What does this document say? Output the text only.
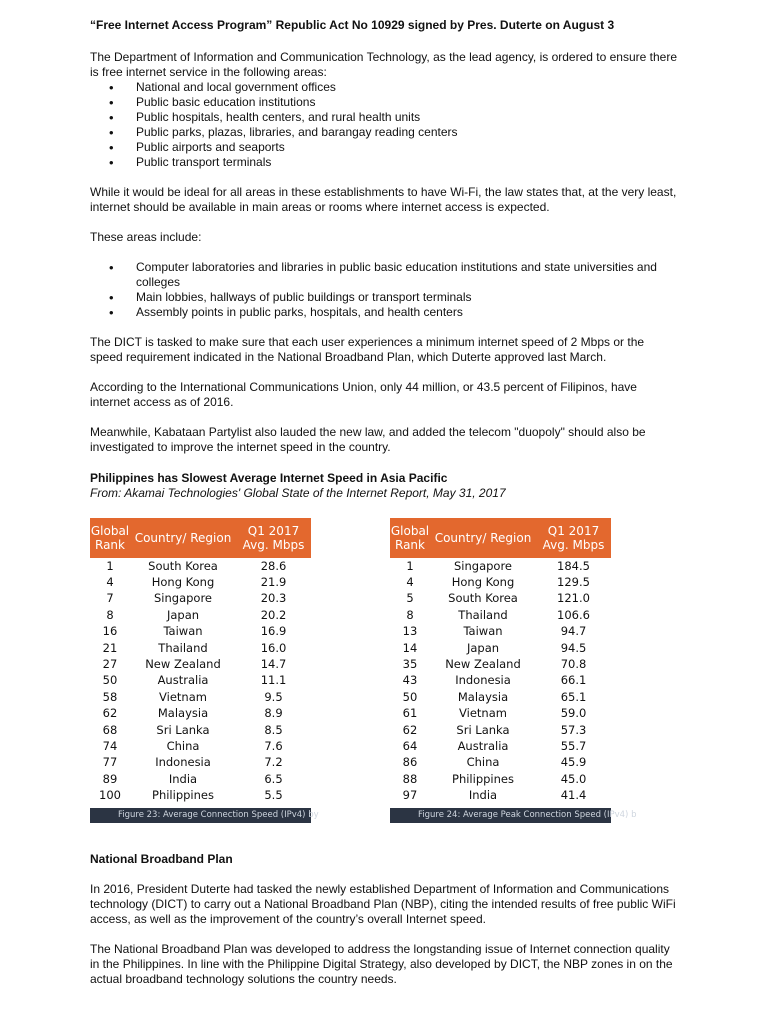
“Free Internet Access Program” Republic Act No 10929 signed by Pres. Duterte on August 3

The Department of Information and Communication Technology, as the lead agency, is ordered to ensure there is free internet service in the following areas:

• National and local government offices
• Public basic education institutions
• Public hospitals, health centers, and rural health units
• Public parks, plazas, libraries, and barangay reading centers
• Public airports and seaports
• Public transport terminals

While it would be ideal for all areas in these establishments to have Wi-Fi, the law states that, at the very least, internet should be available in main areas or rooms where internet access is expected.

These areas include:

• Computer laboratories and libraries in public basic education institutions and state universities and colleges
• Main lobbies, hallways of public buildings or transport terminals
• Assembly points in public parks, hospitals, and health centers

The DICT is tasked to make sure that each user experiences a minimum internet speed of 2 Mbps or the speed requirement indicated in the National Broadband Plan, which Duterte approved last March.

According to the International Communications Union, only 44 million, or 43.5 percent of Filipinos, have internet access as of 2016.

Meanwhile, Kabataan Partylist also lauded the new law, and added the telecom "duopoly" should also be investigated to improve the internet speed in the country.

Philippines has Slowest Average Internet Speed in Asia Pacific

From: Akamai Technologies' Global State of the Internet Report, May 31, 2017

Global Rank Country/ Region	Q1 2017 Avg. Mbps
1	South Korea	28.6
4	Hong Kong	21.9
7	Singapore	20.3
8	Japan	20.2
16	Taiwan	16.9
21	Thailand	16.0
27	New Zealand	14.7
50	Australia	11.1
58	Vietnam	9.5
62	Malaysia	8.9
68	Sri Lanka	8.5
74	China	7.6
77	Indonesia	7.2
89	India	6.5
100	Philippines	5.5
Figure 23: Average Connection Speed (IPv4) by
Global Rank Country/ Region	Q1 2017 Avg. Mbps
1	Singapore	184.5
4	Hong Kong	129.5
5	South Korea	121.0
8	Thailand	106.6
13	Taiwan	94.7
14	Japan	94.5
35	New Zealand	70.8
43	Indonesia	66.1
50	Malaysia	65.1
61	Vietnam	59.0
62	Sri Lanka	57.3
64	Australia	55.7
86	China	45.9
88	Philippines	45.0
97	India	41.4
Figure 24: Average Peak Connection Speed (IPv4) b

National Broadband Plan

In 2016, President Duterte had tasked the newly established Department of Information and Communications technology (DICT) to carry out a National Broadband Plan (NBP), citing the intended results of free public WiFi access, as well as the improvement of the country’s overall Internet speed.

The National Broadband Plan was developed to address the longstanding issue of Internet connection quality in the Philippines. In line with the Philippine Digital Strategy, also developed by DICT, the NBP zones in on the actual broadband technology solutions the country needs.
